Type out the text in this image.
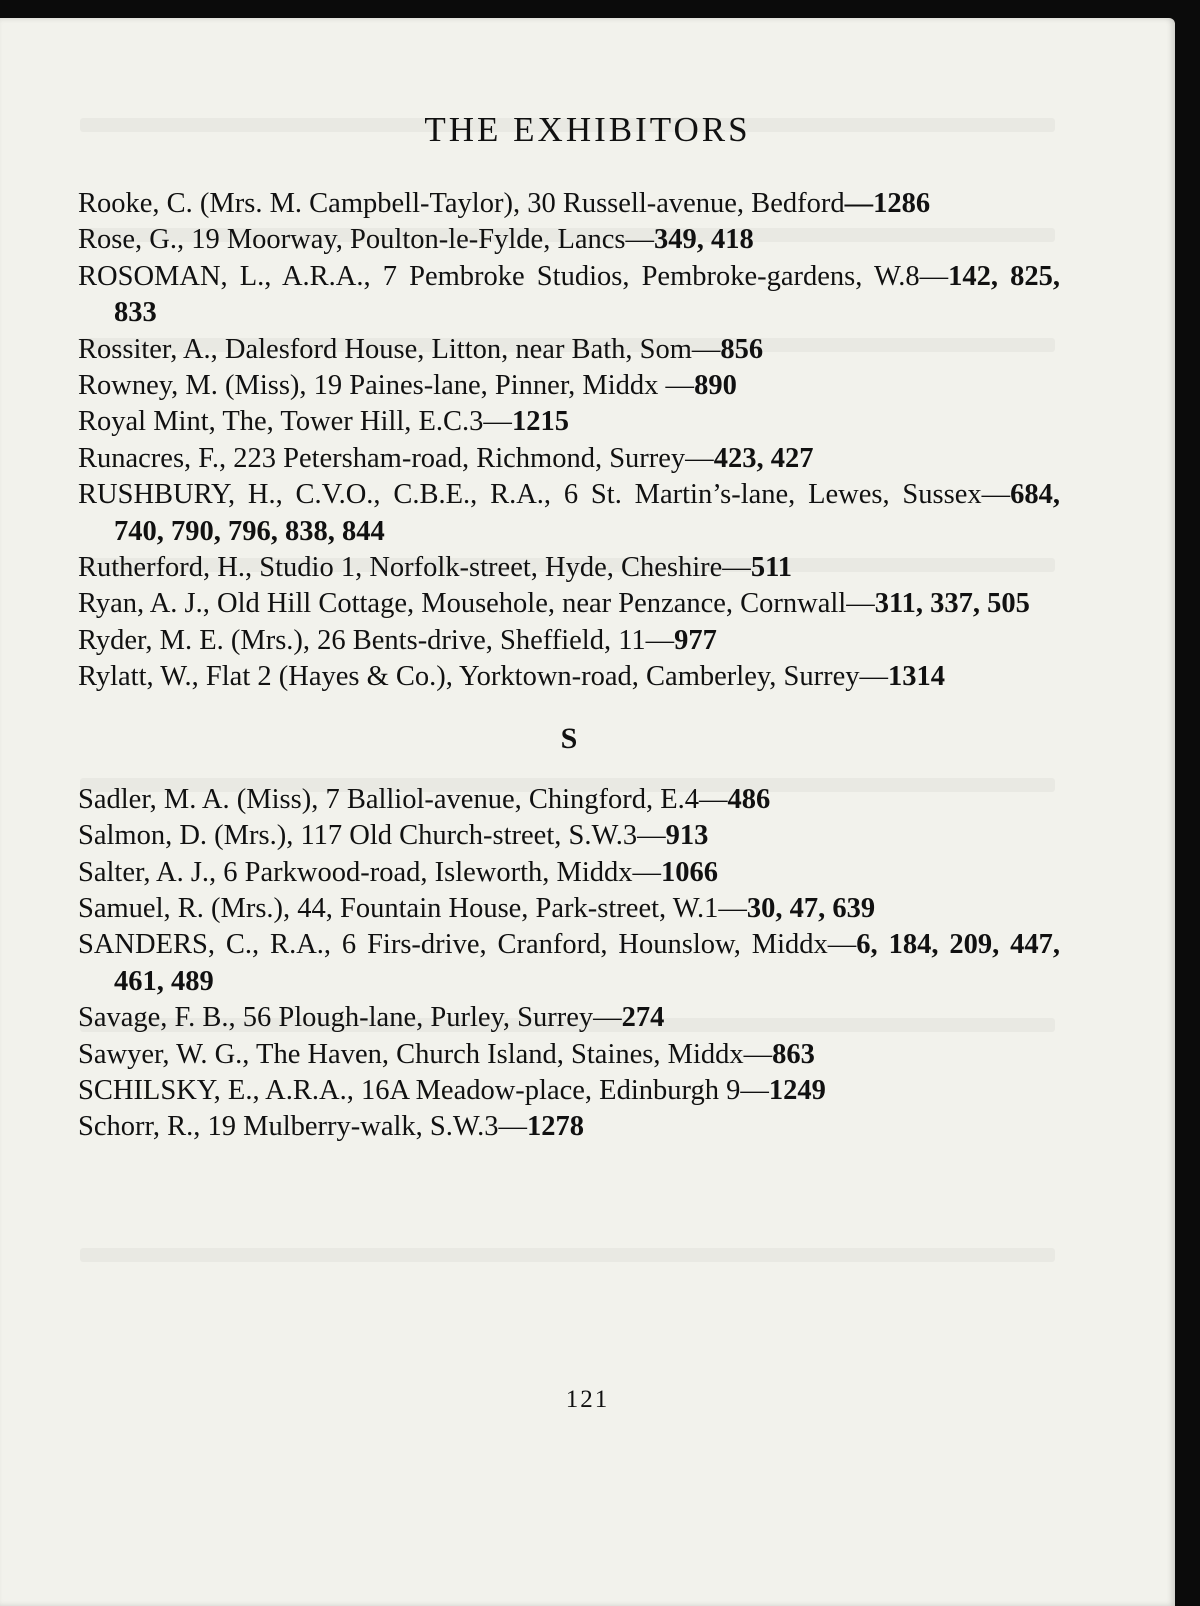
THE EXHIBITORS
Rooke, C. (Mrs. M. Campbell-Taylor), 30 Russell-avenue, Bedford—1286
Rose, G., 19 Moorway, Poulton-le-Fylde, Lancs—349, 418
ROSOMAN, L., A.R.A., 7 Pembroke Studios, Pembroke-gardens, W.8—142, 825, 833
Rossiter, A., Dalesford House, Litton, near Bath, Som—856
Rowney, M. (Miss), 19 Paines-lane, Pinner, Middx —890
Royal Mint, The, Tower Hill, E.C.3—1215
Runacres, F., 223 Petersham-road, Richmond, Surrey—423, 427
RUSHBURY, H., C.V.O., C.B.E., R.A., 6 St. Martin’s-lane, Lewes, Sussex—684, 740, 790, 796, 838, 844
Rutherford, H., Studio 1, Norfolk-street, Hyde, Cheshire—511
Ryan, A. J., Old Hill Cottage, Mousehole, near Penzance, Cornwall—311, 337, 505
Ryder, M. E. (Mrs.), 26 Bents-drive, Sheffield, 11—977
Rylatt, W., Flat 2 (Hayes & Co.), Yorktown-road, Camberley, Surrey—1314
S
Sadler, M. A. (Miss), 7 Balliol-avenue, Chingford, E.4—486
Salmon, D. (Mrs.), 117 Old Church-street, S.W.3—913
Salter, A. J., 6 Parkwood-road, Isleworth, Middx—1066
Samuel, R. (Mrs.), 44, Fountain House, Park-street, W.1—30, 47, 639
SANDERS, C., R.A., 6 Firs-drive, Cranford, Hounslow, Middx—6, 184, 209, 447, 461, 489
Savage, F. B., 56 Plough-lane, Purley, Surrey—274
Sawyer, W. G., The Haven, Church Island, Staines, Middx—863
SCHILSKY, E., A.R.A., 16A Meadow-place, Edinburgh 9—1249
Schorr, R., 19 Mulberry-walk, S.W.3—1278
121
